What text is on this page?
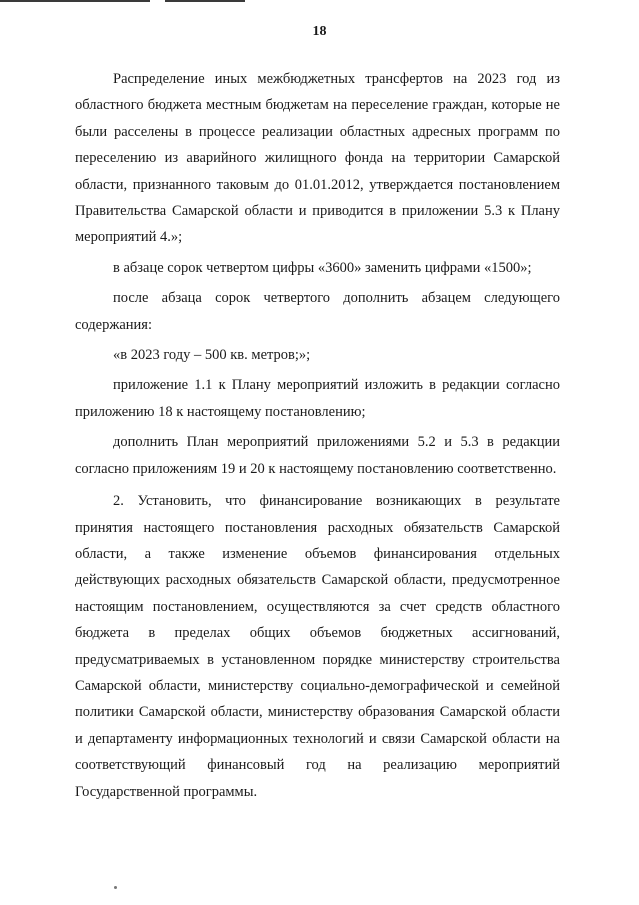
18

Распределение иных межбюджетных трансфертов на 2023 год из областного бюджета местным бюджетам на переселение граждан, которые не были расселены в процессе реализации областных адресных программ по переселению из аварийного жилищного фонда на территории Самарской области, признанного таковым до 01.01.2012, утверждается постановлением Правительства Самарской области и приводится в приложении 5.3 к Плану мероприятий 4.»;

в абзаце сорок четвертом цифры «3600» заменить цифрами «1500»;

после абзаца сорок четвертого дополнить абзацем следующего содержания:

«в 2023 году – 500 кв. метров;»;

приложение 1.1 к Плану мероприятий изложить в редакции согласно приложению 18 к настоящему постановлению;

дополнить План мероприятий приложениями 5.2 и 5.3 в редакции согласно приложениям 19 и 20 к настоящему постановлению соответственно.

2. Установить, что финансирование возникающих в результате принятия настоящего постановления расходных обязательств Самарской области, а также изменение объемов финансирования отдельных действующих расходных обязательств Самарской области, предусмотренное настоящим постановлением, осуществляются за счет средств областного бюджета в пределах общих объемов бюджетных ассигнований, предусматриваемых в установленном порядке министерству строительства Самарской области, министерству социально-демографической и семейной политики Самарской области, министерству образования Самарской области и департаменту информационных технологий и связи Самарской области на соответствующий финансовый год на реализацию мероприятий Государственной программы.
